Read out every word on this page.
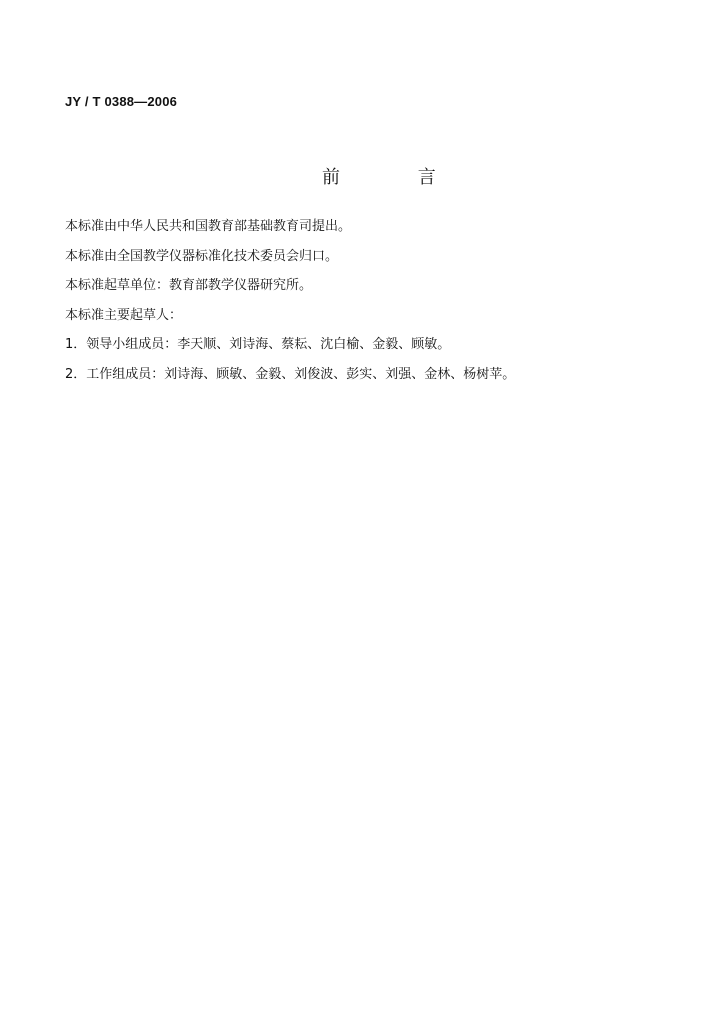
JY / T 0388—2006
前 言
本标准由中华人民共和国教育部基础教育司提出。
本标准由全国教学仪器标准化技术委员会归口。
本标准起草单位：教育部教学仪器研究所。
本标准主要起草人：
1．领导小组成员：李天顺、刘诗海、蔡耘、沈白榆、金毅、顾敏。
2．工作组成员：刘诗海、顾敏、金毅、刘俊波、彭实、刘强、金林、杨树苹。
